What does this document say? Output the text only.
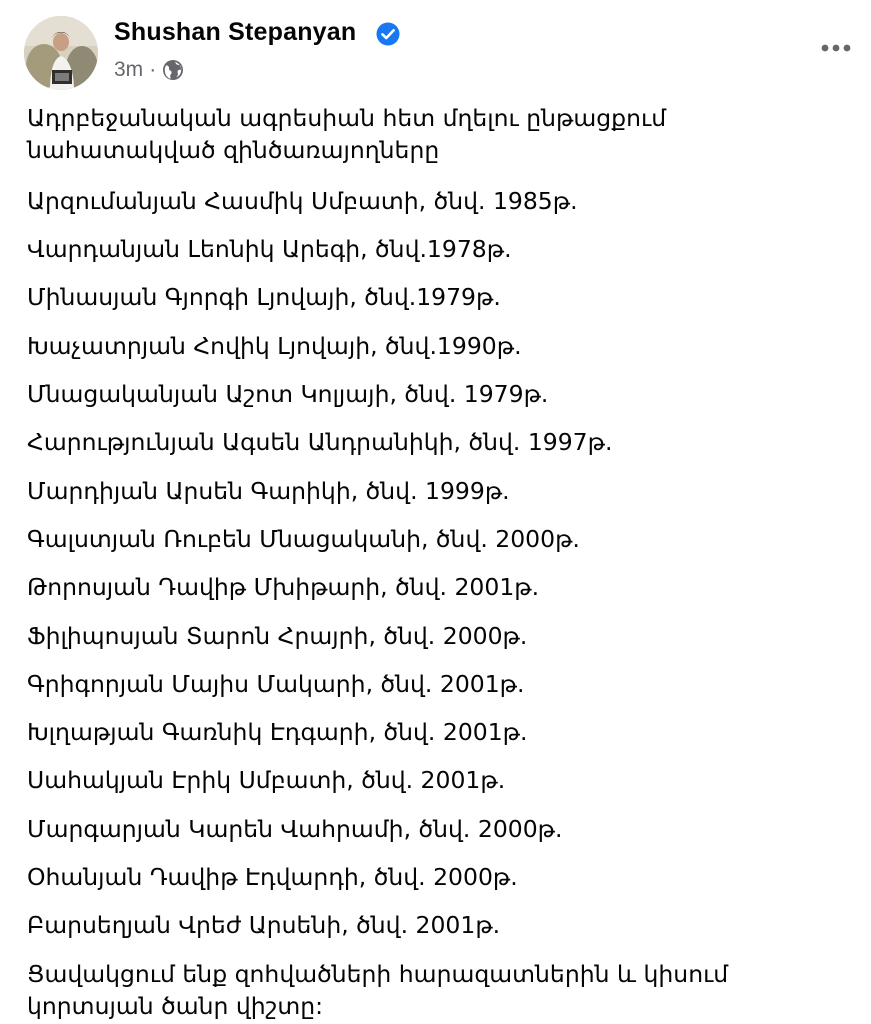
Shushan Stepanyan
3m ·

Ադրբեջանական ագրեսիան հետ մղելու ընթացքում նահատակված զինծառայողները

Արզումանյան Հասմիկ Սմբատի, ծնվ. 1985թ.

Վարդանյան Լեոնիկ Արեգի, ծնվ.1978թ.

Մինասյան Գյորգի Լյովայի, ծնվ.1979թ.

Խաչատրյան Հովիկ Լյովայի, ծնվ.1990թ.

Մնացականյան Աշոտ Կոլյայի, ծնվ. 1979թ.

Հարությունյան Ագսեն Անդրանիկի, ծնվ. 1997թ.

Մարդիյան Արսեն Գարիկի, ծնվ. 1999թ.

Գալստյան Ռուբեն Մնացականի, ծնվ. 2000թ.

Թորոսյան Դավիթ Մխիթարի, ծնվ. 2001թ.

Ֆիլիպոսյան Տարոն Հրայրի, ծնվ. 2000թ.

Գրիգորյան Մայիս Մակարի, ծնվ. 2001թ.

Խլղաթյան Գառնիկ Էդգարի, ծնվ. 2001թ.

Սահակյան Էրիկ Սմբատի, ծնվ. 2001թ.

Մարգարյան Կարեն Վահրամի, ծնվ. 2000թ.

Օհանյան Դավիթ Էդվարդի, ծնվ. 2000թ.

Բարսեղյան Վրեժ Արսենի, ծնվ. 2001թ.

Ցավակցում ենք զոհվածների հարազատներին և կիսում կորտսյան ծանր վիշտը:
